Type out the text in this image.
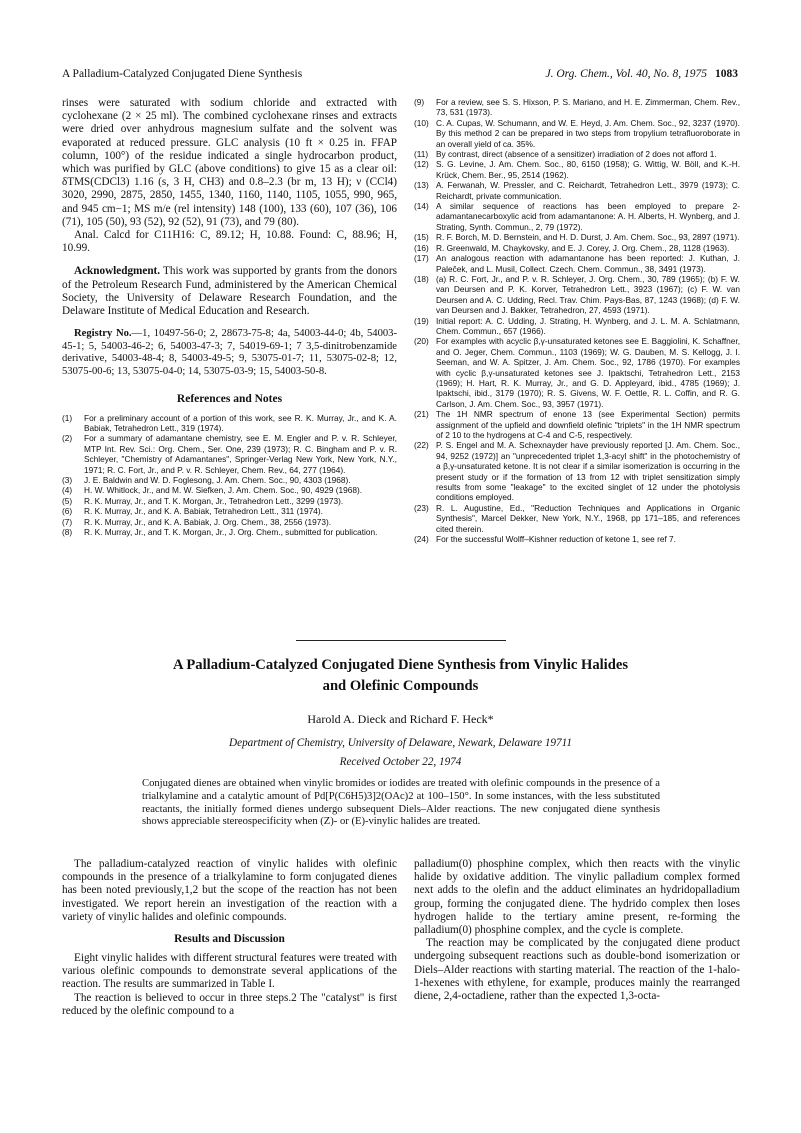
A Palladium-Catalyzed Conjugated Diene Synthesis	J. Org. Chem., Vol. 40, No. 8, 1975 1083

rinses were saturated with sodium chloride and extracted with cyclohexane (2 × 25 ml). The combined cyclohexane rinses and extracts were dried over anhydrous magnesium sulfate and the solvent was evaporated at reduced pressure. GLC analysis (10 ft × 0.25 in. FFAP column, 100°) of the residue indicated a single hydrocarbon product, which was purified by GLC (above conditions) to give 15 as a clear oil: δTMS(CDCl3) 1.16 (s, 3 H, CH3) and 0.8–2.3 (br m, 13 H); ν (CCl4) 3020, 2990, 2875, 2850, 1455, 1340, 1160, 1140, 1105, 1055, 990, 965, and 945 cm−1; MS m/e (rel intensity) 148 (100), 133 (60), 107 (36), 106 (71), 105 (50), 93 (52), 92 (52), 91 (73), and 79 (80).

Anal. Calcd for C11H16: C, 89.12; H, 10.88. Found: C, 88.96; H, 10.99.

Acknowledgment. This work was supported by grants from the donors of the Petroleum Research Fund, administered by the American Chemical Society, the University of Delaware Research Foundation, and the Delaware Institute of Medical Education and Research.

Registry No.—1, 10497-56-0; 2, 28673-75-8; 4a, 54003-44-0; 4b, 54003-45-1; 5, 54003-46-2; 6, 54003-47-3; 7, 54019-69-1; 7 3,5-dinitrobenzamide derivative, 54003-48-4; 8, 54003-49-5; 9, 53075-01-7; 11, 53075-02-8; 12, 53075-00-6; 13, 53075-04-0; 14, 53075-03-9; 15, 54003-50-8.

References and Notes
(1) For a preliminary account of a portion of this work, see R. K. Murray, Jr., and K. A. Babiak, Tetrahedron Lett., 319 (1974).
(2) For a summary of adamantane chemistry, see E. M. Engler and P. v. R. Schleyer, MTP Int. Rev. Sci.: Org. Chem., Ser. One, 239 (1973); R. C. Bingham and P. v. R. Schleyer, "Chemistry of Adamantanes", Springer-Verlag New York, New York, N.Y., 1971; R. C. Fort, Jr., and P. v. R. Schleyer, Chem. Rev., 64, 277 (1964).
(3) J. E. Baldwin and W. D. Foglesong, J. Am. Chem. Soc., 90, 4303 (1968).
(4) H. W. Whitlock, Jr., and M. W. Siefken, J. Am. Chem. Soc., 90, 4929 (1968).
(5) R. K. Murray, Jr., and T. K. Morgan, Jr., Tetrahedron Lett., 3299 (1973).
(6) R. K. Murray, Jr., and K. A. Babiak, Tetrahedron Lett., 311 (1974).
(7) R. K. Murray, Jr., and K. A. Babiak, J. Org. Chem., 38, 2556 (1973).
(8) R. K. Murray, Jr., and T. K. Morgan, Jr., J. Org. Chem., submitted for publication.
(9) For a review, see S. S. Hixson, P. S. Mariano, and H. E. Zimmerman, Chem. Rev., 73, 531 (1973).
(10) C. A. Cupas, W. Schumann, and W. E. Heyd, J. Am. Chem. Soc., 92, 3237 (1970). By this method 2 can be prepared in two steps from tropylium tetrafluoroborate in an overall yield of ca. 35%.
(11) By contrast, direct (absence of a sensitizer) irradiation of 2 does not afford 1.
(12) S. G. Levine, J. Am. Chem. Soc., 80, 6150 (1958); G. Wittig, W. Böll, and K.-H. Krück, Chem. Ber., 95, 2514 (1962).
(13) A. Ferwanah, W. Pressler, and C. Reichardt, Tetrahedron Lett., 3979 (1973); C. Reichardt, private communication.
(14) A similar sequence of reactions has been employed to prepare 2-adamantanecarboxylic acid from adamantanone: A. H. Alberts, H. Wynberg, and J. Strating, Synth. Commun., 2, 79 (1972).
(15) R. F. Borch, M. D. Bernstein, and H. D. Durst, J. Am. Chem. Soc., 93, 2897 (1971).
(16) R. Greenwald, M. Chaykovsky, and E. J. Corey, J. Org. Chem., 28, 1128 (1963).
(17) An analogous reaction with adamantanone has been reported: J. Kuthan, J. Paleček, and L. Musil, Collect. Czech. Chem. Commun., 38, 3491 (1973).
(18) (a) R. C. Fort, Jr., and P. v. R. Schleyer, J. Org. Chem., 30, 789 (1965); (b) F. W. van Deursen and P. K. Korver, Tetrahedron Lett., 3923 (1967); (c) F. W. van Deursen and A. C. Udding, Recl. Trav. Chim. Pays-Bas, 87, 1243 (1968); (d) F. W. van Deursen and J. Bakker, Tetrahedron, 27, 4593 (1971).
(19) Initial report: A. C. Udding, J. Strating, H. Wynberg, and J. L. M. A. Schlatmann, Chem. Commun., 657 (1966).
(20) For examples with acyclic β,γ-unsaturated ketones see E. Baggiolini, K. Schaffner, and O. Jeger, Chem. Commun., 1103 (1969); W. G. Dauben, M. S. Kellogg, J. I. Seeman, and W. A. Spitzer, J. Am. Chem. Soc., 92, 1786 (1970). For examples with cyclic β,γ-unsaturated ketones see J. Ipaktschi, Tetrahedron Lett., 2153 (1969); H. Hart, R. K. Murray, Jr., and G. D. Appleyard, ibid., 4785 (1969); J. Ipaktschi, ibid., 3179 (1970); R. S. Givens, W. F. Oettle, R. L. Coffin, and R. G. Carlson, J. Am. Chem. Soc., 93, 3957 (1971).
(21) The 1H NMR spectrum of enone 13 (see Experimental Section) permits assignment of the upfield and downfield olefinic "triplets" in the 1H NMR spectrum of 2 10 to the hydrogens at C-4 and C-5, respectively.
(22) P. S. Engel and M. A. Schexnayder have previously reported [J. Am. Chem. Soc., 94, 9252 (1972)] an "unprecedented triplet 1,3-acyl shift" in the photochemistry of a β,γ-unsaturated ketone. It is not clear if a similar isomerization is occurring in the present study or if the formation of 13 from 12 with triplet sensitization simply results from some "leakage" to the excited singlet of 12 under the photolysis conditions employed.
(23) R. L. Augustine, Ed., "Reduction Techniques and Applications in Organic Synthesis", Marcel Dekker, New York, N.Y., 1968, pp 171–185, and references cited therein.
(24) For the successful Wolff–Kishner reduction of ketone 1, see ref 7.
A Palladium-Catalyzed Conjugated Diene Synthesis from Vinylic Halides
and Olefinic Compounds
Harold A. Dieck and Richard F. Heck*
Department of Chemistry, University of Delaware, Newark, Delaware 19711
Received October 22, 1974
Conjugated dienes are obtained when vinylic bromides or iodides are treated with olefinic compounds in the presence of a trialkylamine and a catalytic amount of Pd[P(C6H5)3]2(OAc)2 at 100–150°. In some instances, with the less substituted reactants, the initially formed dienes undergo subsequent Diels–Alder reactions. The new conjugated diene synthesis shows appreciable stereospecificity when (Z)- or (E)-vinylic halides are treated.

The palladium-catalyzed reaction of vinylic halides with olefinic compounds in the presence of a trialkylamine to form conjugated dienes has been noted previously,1,2 but the scope of the reaction has not been investigated. We report herein an investigation of the reaction with a variety of vinylic halides and olefinic compounds.

Results and Discussion

Eight vinylic halides with different structural features were treated with various olefinic compounds to demonstrate several applications of the reaction. The results are summarized in Table I.

The reaction is believed to occur in three steps.2 The "catalyst" is first reduced by the olefinic compound to a

palladium(0) phosphine complex, which then reacts with the vinylic halide by oxidative addition. The vinylic palladium complex formed next adds to the olefin and the adduct eliminates an hydridopalladium group, forming the conjugated diene. The hydrido complex then loses hydrogen halide to the tertiary amine present, re-forming the palladium(0) phosphine complex, and the cycle is complete.

The reaction may be complicated by the conjugated diene product undergoing subsequent reactions such as double-bond isomerization or Diels–Alder reactions with starting material. The reaction of the 1-halo-1-hexenes with ethylene, for example, produces mainly the rearranged diene, 2,4-octadiene, rather than the expected 1,3-octa-
